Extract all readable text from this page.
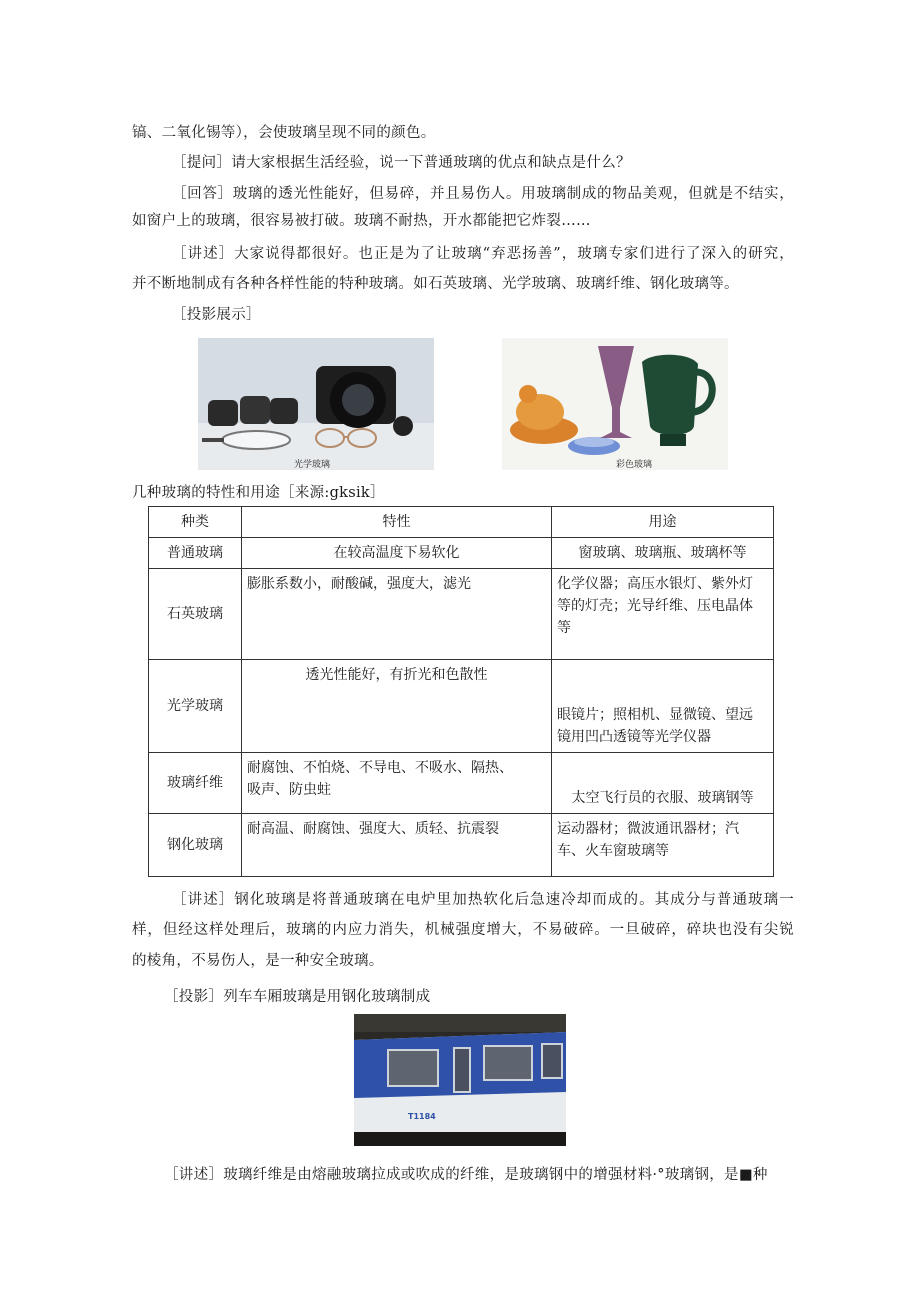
镐、二氧化锡等），会使玻璃呈现不同的颜色。
［提问］请大家根据生活经验，说一下普通玻璃的优点和缺点是什么？
［回答］玻璃的透光性能好，但易碎，并且易伤人。用玻璃制成的物品美观，但就是不结实，
如窗户上的玻璃，很容易被打破。玻璃不耐热，开水都能把它炸裂……
［讲述］大家说得都很好。也正是为了让玻璃“弃恶扬善”，玻璃专家们进行了深入的研究，
并不断地制成有各种各样性能的特种玻璃。如石英玻璃、光学玻璃、玻璃纤维、钢化玻璃等。
［投影展示］
光学玻璃	彩色玻璃
几种玻璃的特性和用途［来源:gksik］
种类	特性	用途
普通玻璃	在较高温度下易软化	窗玻璃、玻璃瓶、玻璃杯等
石英玻璃	膨胀系数小，耐酸碱，强度大，滤光	化学仪器；高压水银灯、紫外灯
等的灯壳；光导纤维、压电晶体
等

光学玻璃	透光性能好，有折光和色散性	眼镜片；照相机、显微镜、望远
镜用凹凸透镜等光学仪器

玻璃纤维	耐腐蚀、不怕烧、不导电、不吸水、隔热、
吸声、防虫蛀	太空飞行员的衣服、玻璃钢等
钢化玻璃	耐高温、耐腐蚀、强度大、质轻、抗震裂	运动器材；微波通讯器材；汽
车、火车窗玻璃等
［讲述］钢化玻璃是将普通玻璃在电炉里加热软化后急速冷却而成的。其成分与普通玻璃一
样，但经这样处理后，玻璃的内应力消失，机械强度增大，不易破碎。一旦破碎，碎块也没有尖锐
的棱角，不易伤人，是一种安全玻璃。
［投影］列车车厢玻璃是用钢化玻璃制成
T1184
［讲述］玻璃纤维是由熔融玻璃拉成或吹成的纤维，是玻璃钢中的增强材料·°玻璃钢，是■种
